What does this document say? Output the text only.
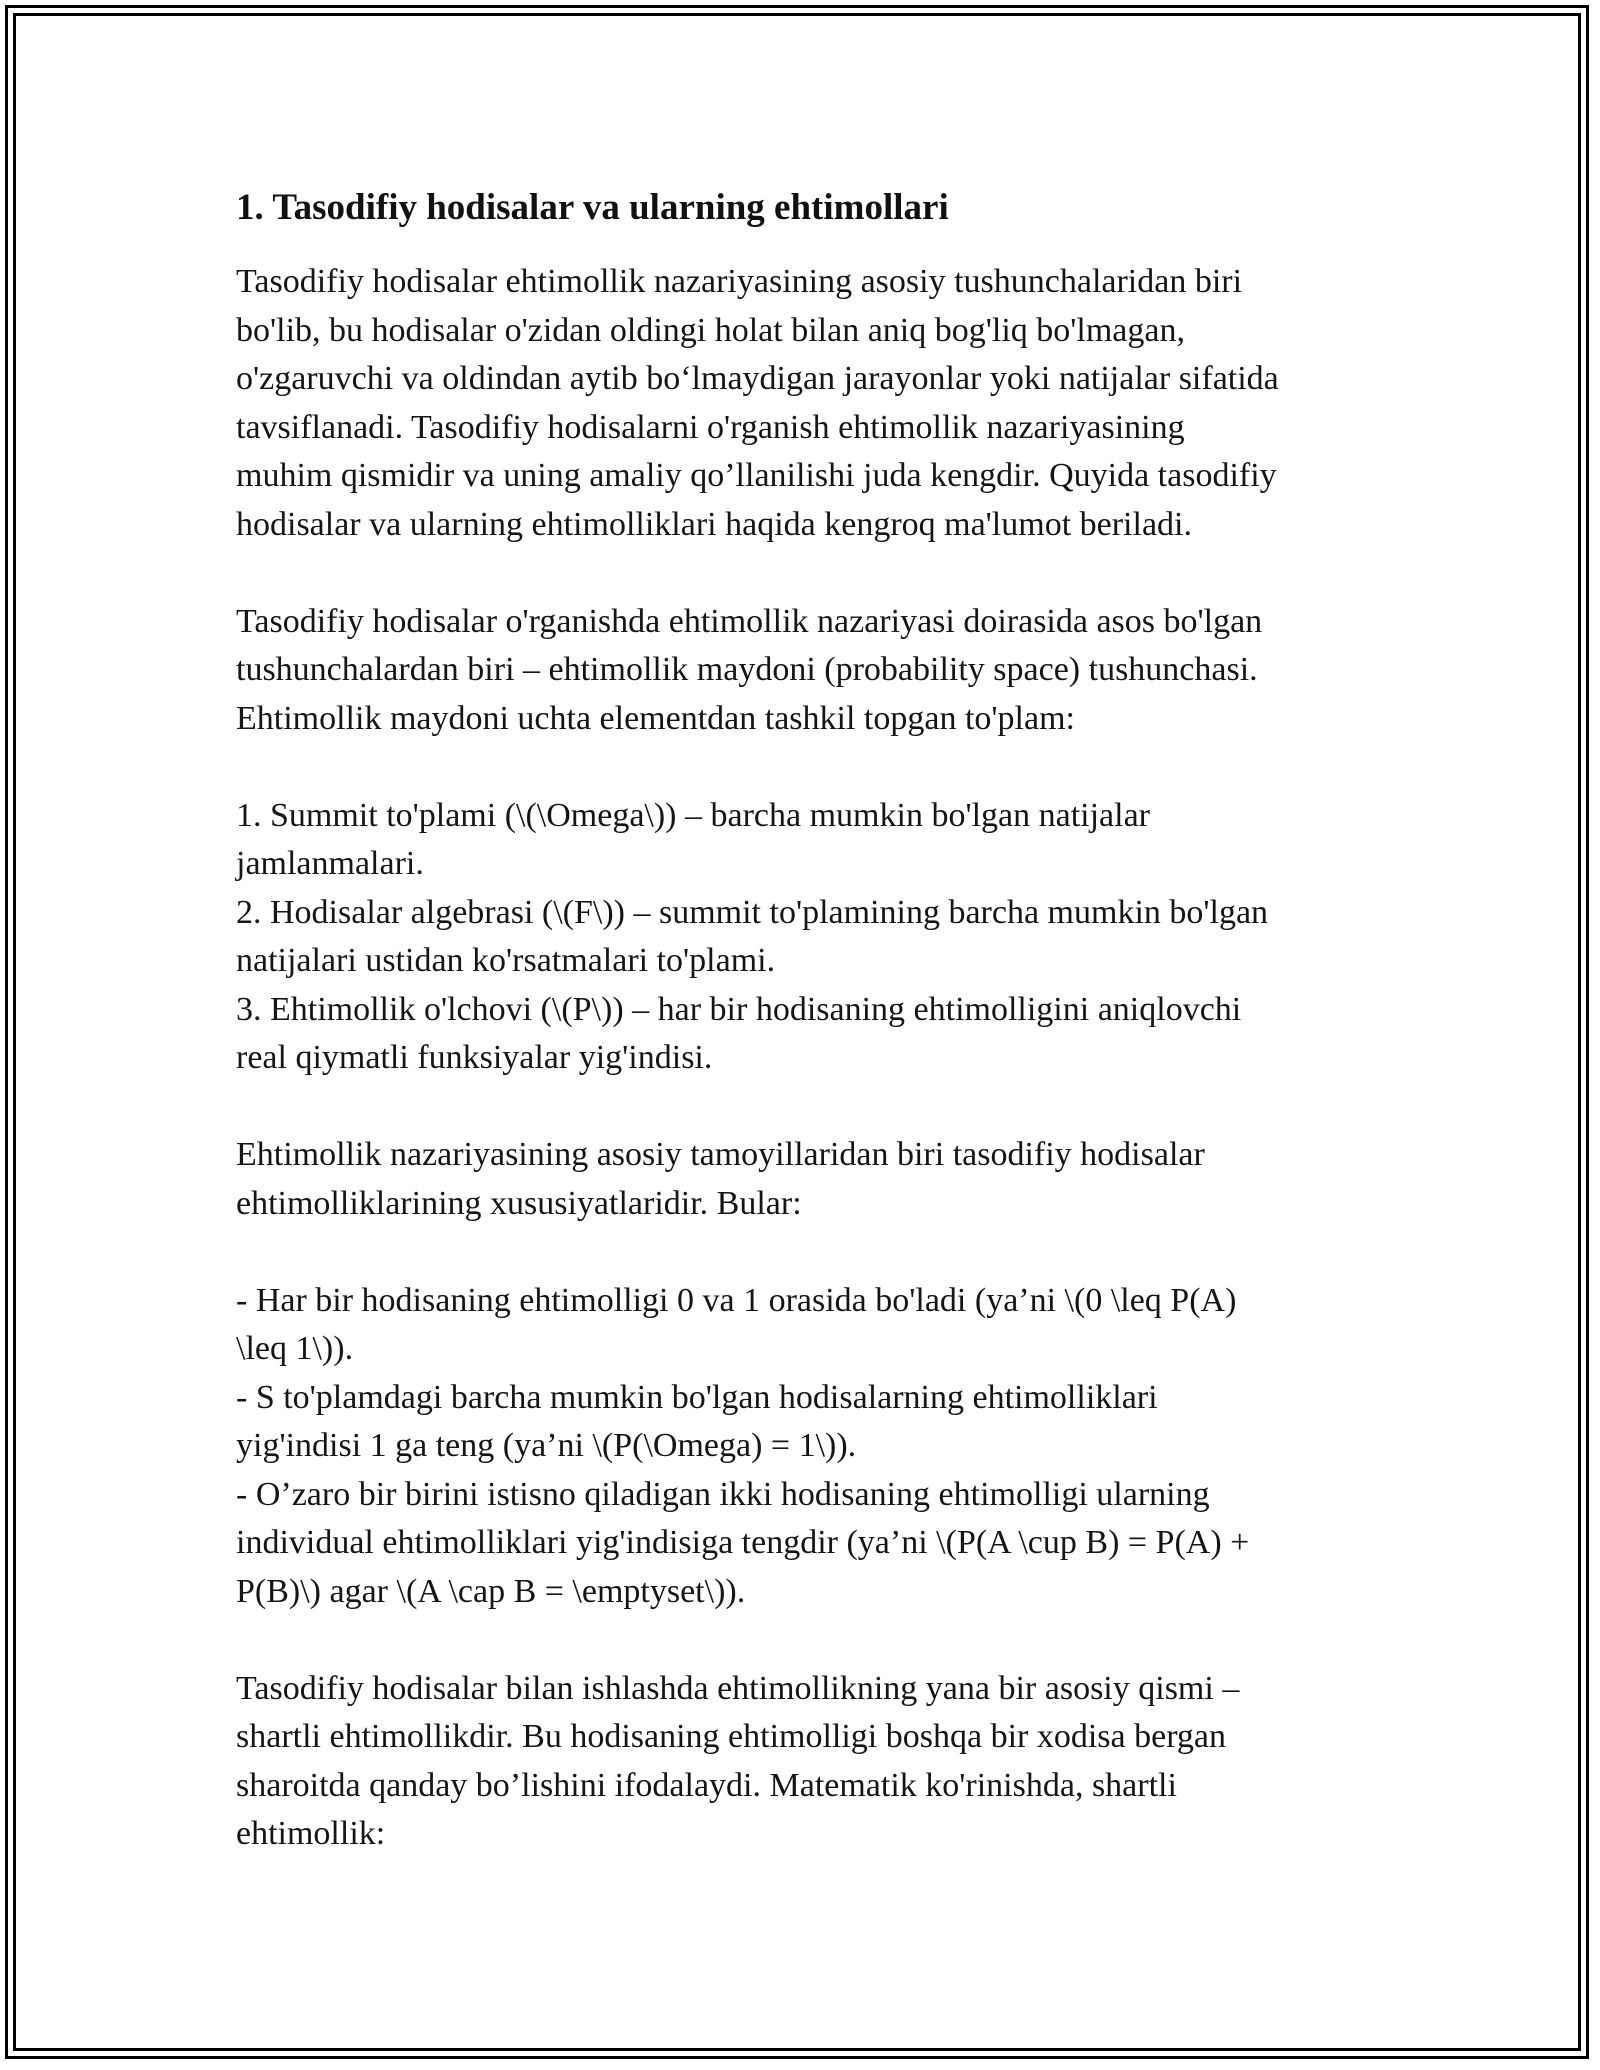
1. Tasodifiy hodisalar va ularning ehtimollari

Tasodifiy hodisalar ehtimollik nazariyasining asosiy tushunchalaridan biri
bo'lib, bu hodisalar o'zidan oldingi holat bilan aniq bog'liq bo'lmagan,
o'zgaruvchi va oldindan aytib bo‘lmaydigan jarayonlar yoki natijalar sifatida
tavsiflanadi. Tasodifiy hodisalarni o'rganish ehtimollik nazariyasining
muhim qismidir va uning amaliy qo’llanilishi juda kengdir. Quyida tasodifiy
hodisalar va ularning ehtimolliklari haqida kengroq ma'lumot beriladi.

Tasodifiy hodisalar o'rganishda ehtimollik nazariyasi doirasida asos bo'lgan
tushunchalardan biri – ehtimollik maydoni (probability space) tushunchasi.
Ehtimollik maydoni uchta elementdan tashkil topgan to'plam:

1. Summit to'plami (\(\Omega\)) – barcha mumkin bo'lgan natijalar
jamlanmalari.
2. Hodisalar algebrasi (\(F\)) – summit to'plamining barcha mumkin bo'lgan
natijalari ustidan ko'rsatmalari to'plami.
3. Ehtimollik o'lchovi (\(P\)) – har bir hodisaning ehtimolligini aniqlovchi
real qiymatli funksiyalar yig'indisi.

Ehtimollik nazariyasining asosiy tamoyillaridan biri tasodifiy hodisalar
ehtimolliklarining xususiyatlaridir. Bular:

- Har bir hodisaning ehtimolligi 0 va 1 orasida bo'ladi (ya’ni \(0 \leq P(A)
\leq 1\)).
- S to'plamdagi barcha mumkin bo'lgan hodisalarning ehtimolliklari
yig'indisi 1 ga teng (ya’ni \(P(\Omega) = 1\)).
- O’zaro bir birini istisno qiladigan ikki hodisaning ehtimolligi ularning
individual ehtimolliklari yig'indisiga tengdir (ya’ni \(P(A \cup B) = P(A) +
P(B)\) agar \(A \cap B = \emptyset\)).

Tasodifiy hodisalar bilan ishlashda ehtimollikning yana bir asosiy qismi –
shartli ehtimollikdir. Bu hodisaning ehtimolligi boshqa bir xodisa bergan
sharoitda qanday bo’lishini ifodalaydi. Matematik ko'rinishda, shartli
ehtimollik:
